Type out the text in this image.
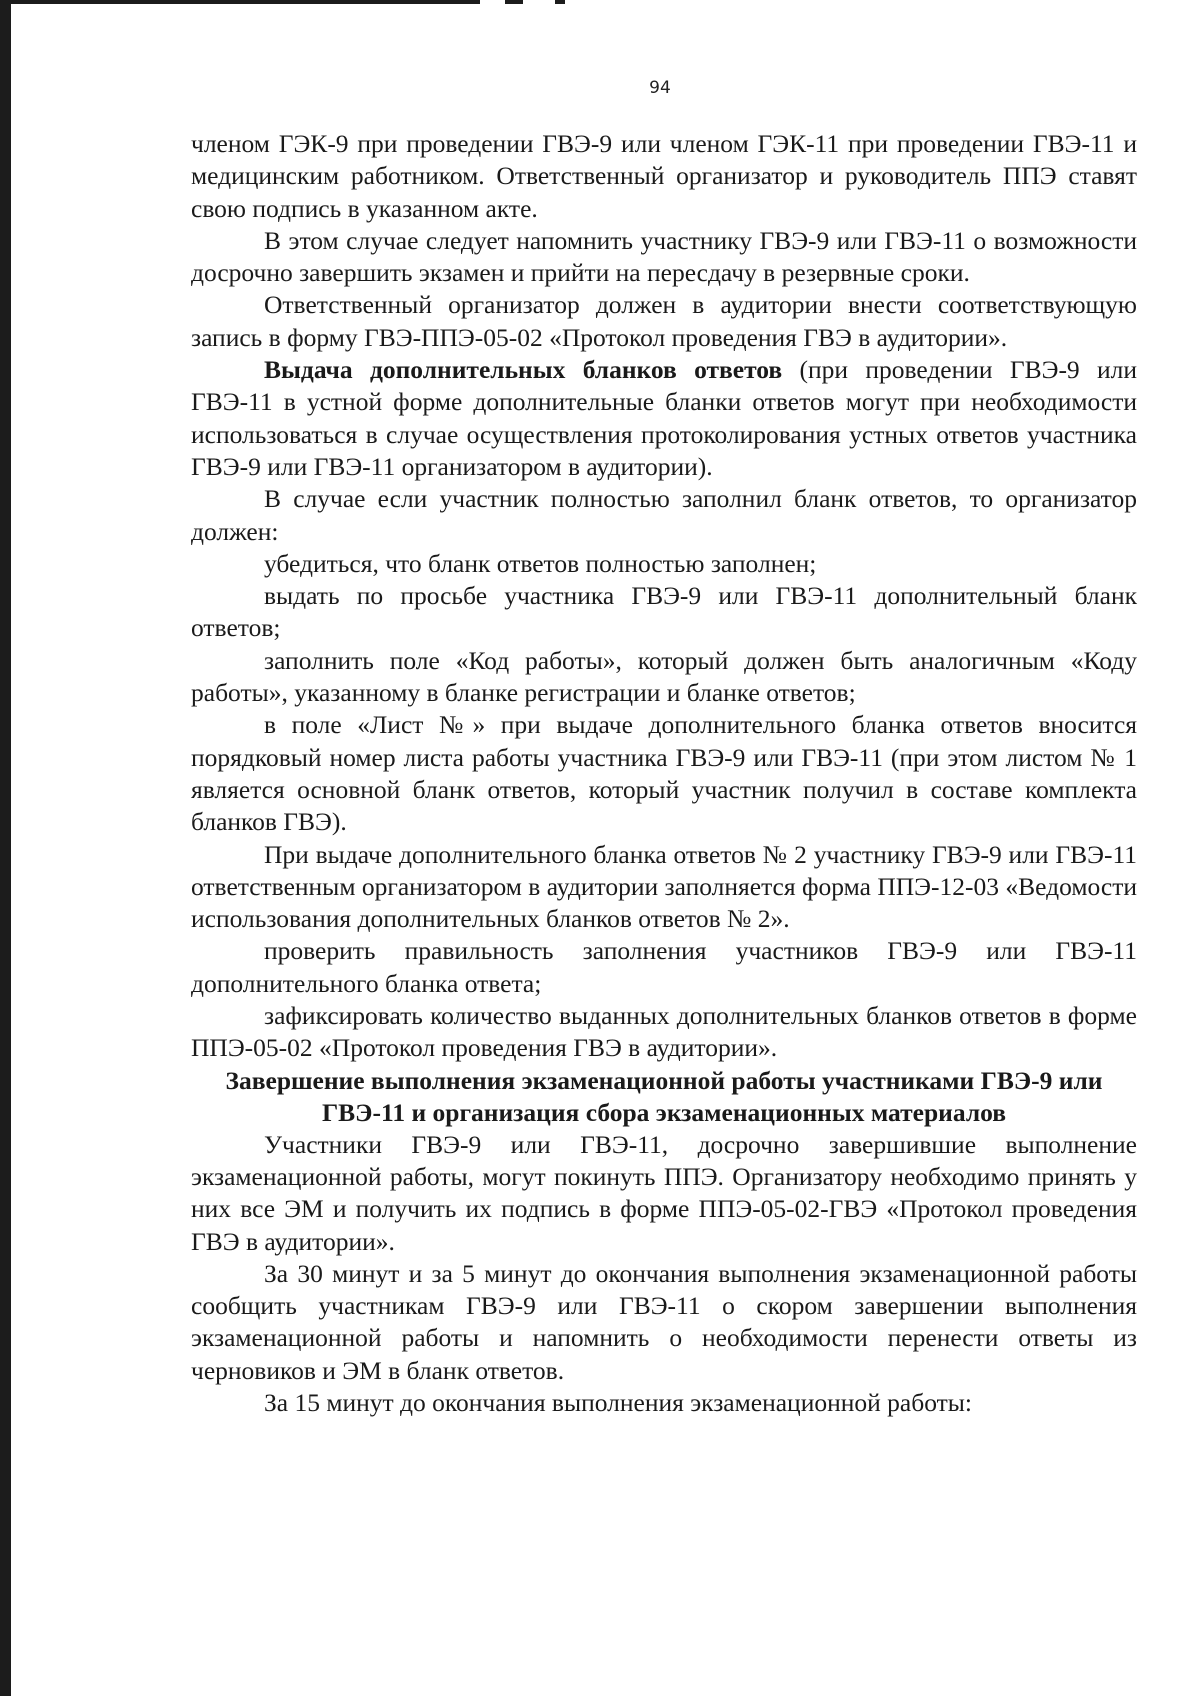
94

членом ГЭК-9 при проведении ГВЭ-9 или членом ГЭК-11 при проведении ГВЭ-11 и медицинским работником. Ответственный организатор и руководитель ППЭ ставят свою подпись в указанном акте.

В этом случае следует напомнить участнику ГВЭ-9 или ГВЭ-11 о возможности досрочно завершить экзамен и прийти на пересдачу в резервные сроки.

Ответственный организатор должен в аудитории внести соответствующую запись в форму ГВЭ-ППЭ-05-02 «Протокол проведения ГВЭ в аудитории».

Выдача дополнительных бланков ответов (при проведении ГВЭ-9 или ГВЭ-11 в устной форме дополнительные бланки ответов могут при необходимости использоваться в случае осуществления протоколирования устных ответов участника ГВЭ-9 или ГВЭ-11 организатором в аудитории).

В случае если участник полностью заполнил бланк ответов, то организатор должен:

убедиться, что бланк ответов полностью заполнен;

выдать по просьбе участника ГВЭ-9 или ГВЭ-11 дополнительный бланк ответов;

заполнить поле «Код работы», который должен быть аналогичным «Коду работы», указанному в бланке регистрации и бланке ответов;

в поле «Лист №» при выдаче дополнительного бланка ответов вносится порядковый номер листа работы участника ГВЭ-9 или ГВЭ-11 (при этом листом № 1 является основной бланк ответов, который участник получил в составе комплекта бланков ГВЭ).

При выдаче дополнительного бланка ответов № 2 участнику ГВЭ-9 или ГВЭ-11 ответственным организатором в аудитории заполняется форма ППЭ-12-03 «Ведомости использования дополнительных бланков ответов № 2».

проверить правильность заполнения участников ГВЭ-9 или ГВЭ-11 дополнительного бланка ответа;

зафиксировать количество выданных дополнительных бланков ответов в форме ППЭ-05-02 «Протокол проведения ГВЭ в аудитории».

Завершение выполнения экзаменационной работы участниками ГВЭ-9 или ГВЭ-11 и организация сбора экзаменационных материалов

Участники ГВЭ-9 или ГВЭ-11, досрочно завершившие выполнение экзаменационной работы, могут покинуть ППЭ. Организатору необходимо принять у них все ЭМ и получить их подпись в форме ППЭ-05-02-ГВЭ «Протокол проведения ГВЭ в аудитории».

За 30 минут и за 5 минут до окончания выполнения экзаменационной работы сообщить участникам ГВЭ-9 или ГВЭ-11 о скором завершении выполнения экзаменационной работы и напомнить о необходимости перенести ответы из черновиков и ЭМ в бланк ответов.

За 15 минут до окончания выполнения экзаменационной работы:
